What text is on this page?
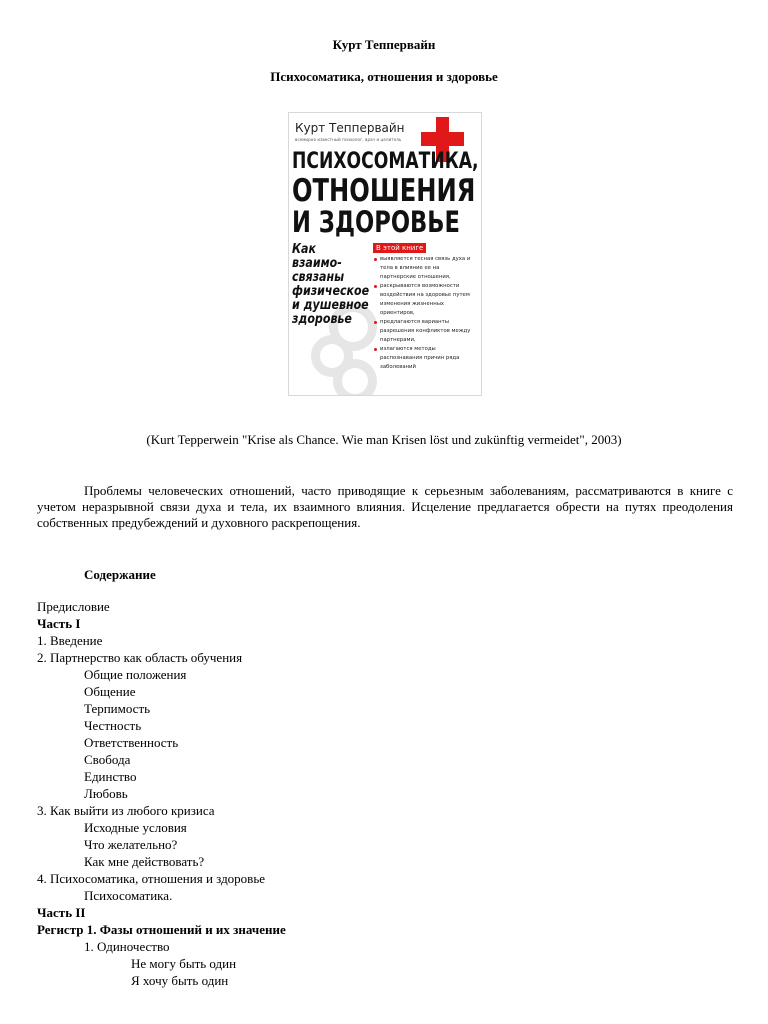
Курт Теппервайн
Психосоматика, отношения и здоровье
Курт Теппервайн
всемирно известный психолог, врач и целитель
ПСИХОСОМАТИКА,
ОТНОШЕНИЯ
И ЗДОРОВЬЕ
Как
взаимо-
связаны
физическое
и душевное
здоровье
В этой книге
выявляется тесная связь духа и тела в влияние ее на партнерские отношения,
раскрываются возможности воздействия на здоровье путем изменения жизненных ориентиров,
предлагаются варианты разрешения конфликтов между партнерами,
излагаются методы распознавания причин ряда заболеваний
(Kurt Tepperwein "Krise als Chance. Wie man Krisen löst und zukünftig vermeidet", 2003)
Проблемы человеческих отношений, часто приводящие к серьезным заболеваниям, рассматриваются в книге с учетом неразрывной связи духа и тела, их взаимного влияния. Исцеление предлагается обрести на путях преодоления собственных предубеждений и духовного раскрепощения.
Содержание
Предисловие
Часть I
1. Введение
2. Партнерство как область обучения
Общие положения
Общение
Терпимость
Честность
Ответственность
Свобода
Единство
Любовь
3. Как выйти из любого кризиса
Исходные условия
Что желательно?
Как мне действовать?
4. Психосоматика, отношения и здоровье
Психосоматика.
Часть II
Регистр 1. Фазы отношений и их значение
1. Одиночество
Не могу быть один
Я хочу быть один
